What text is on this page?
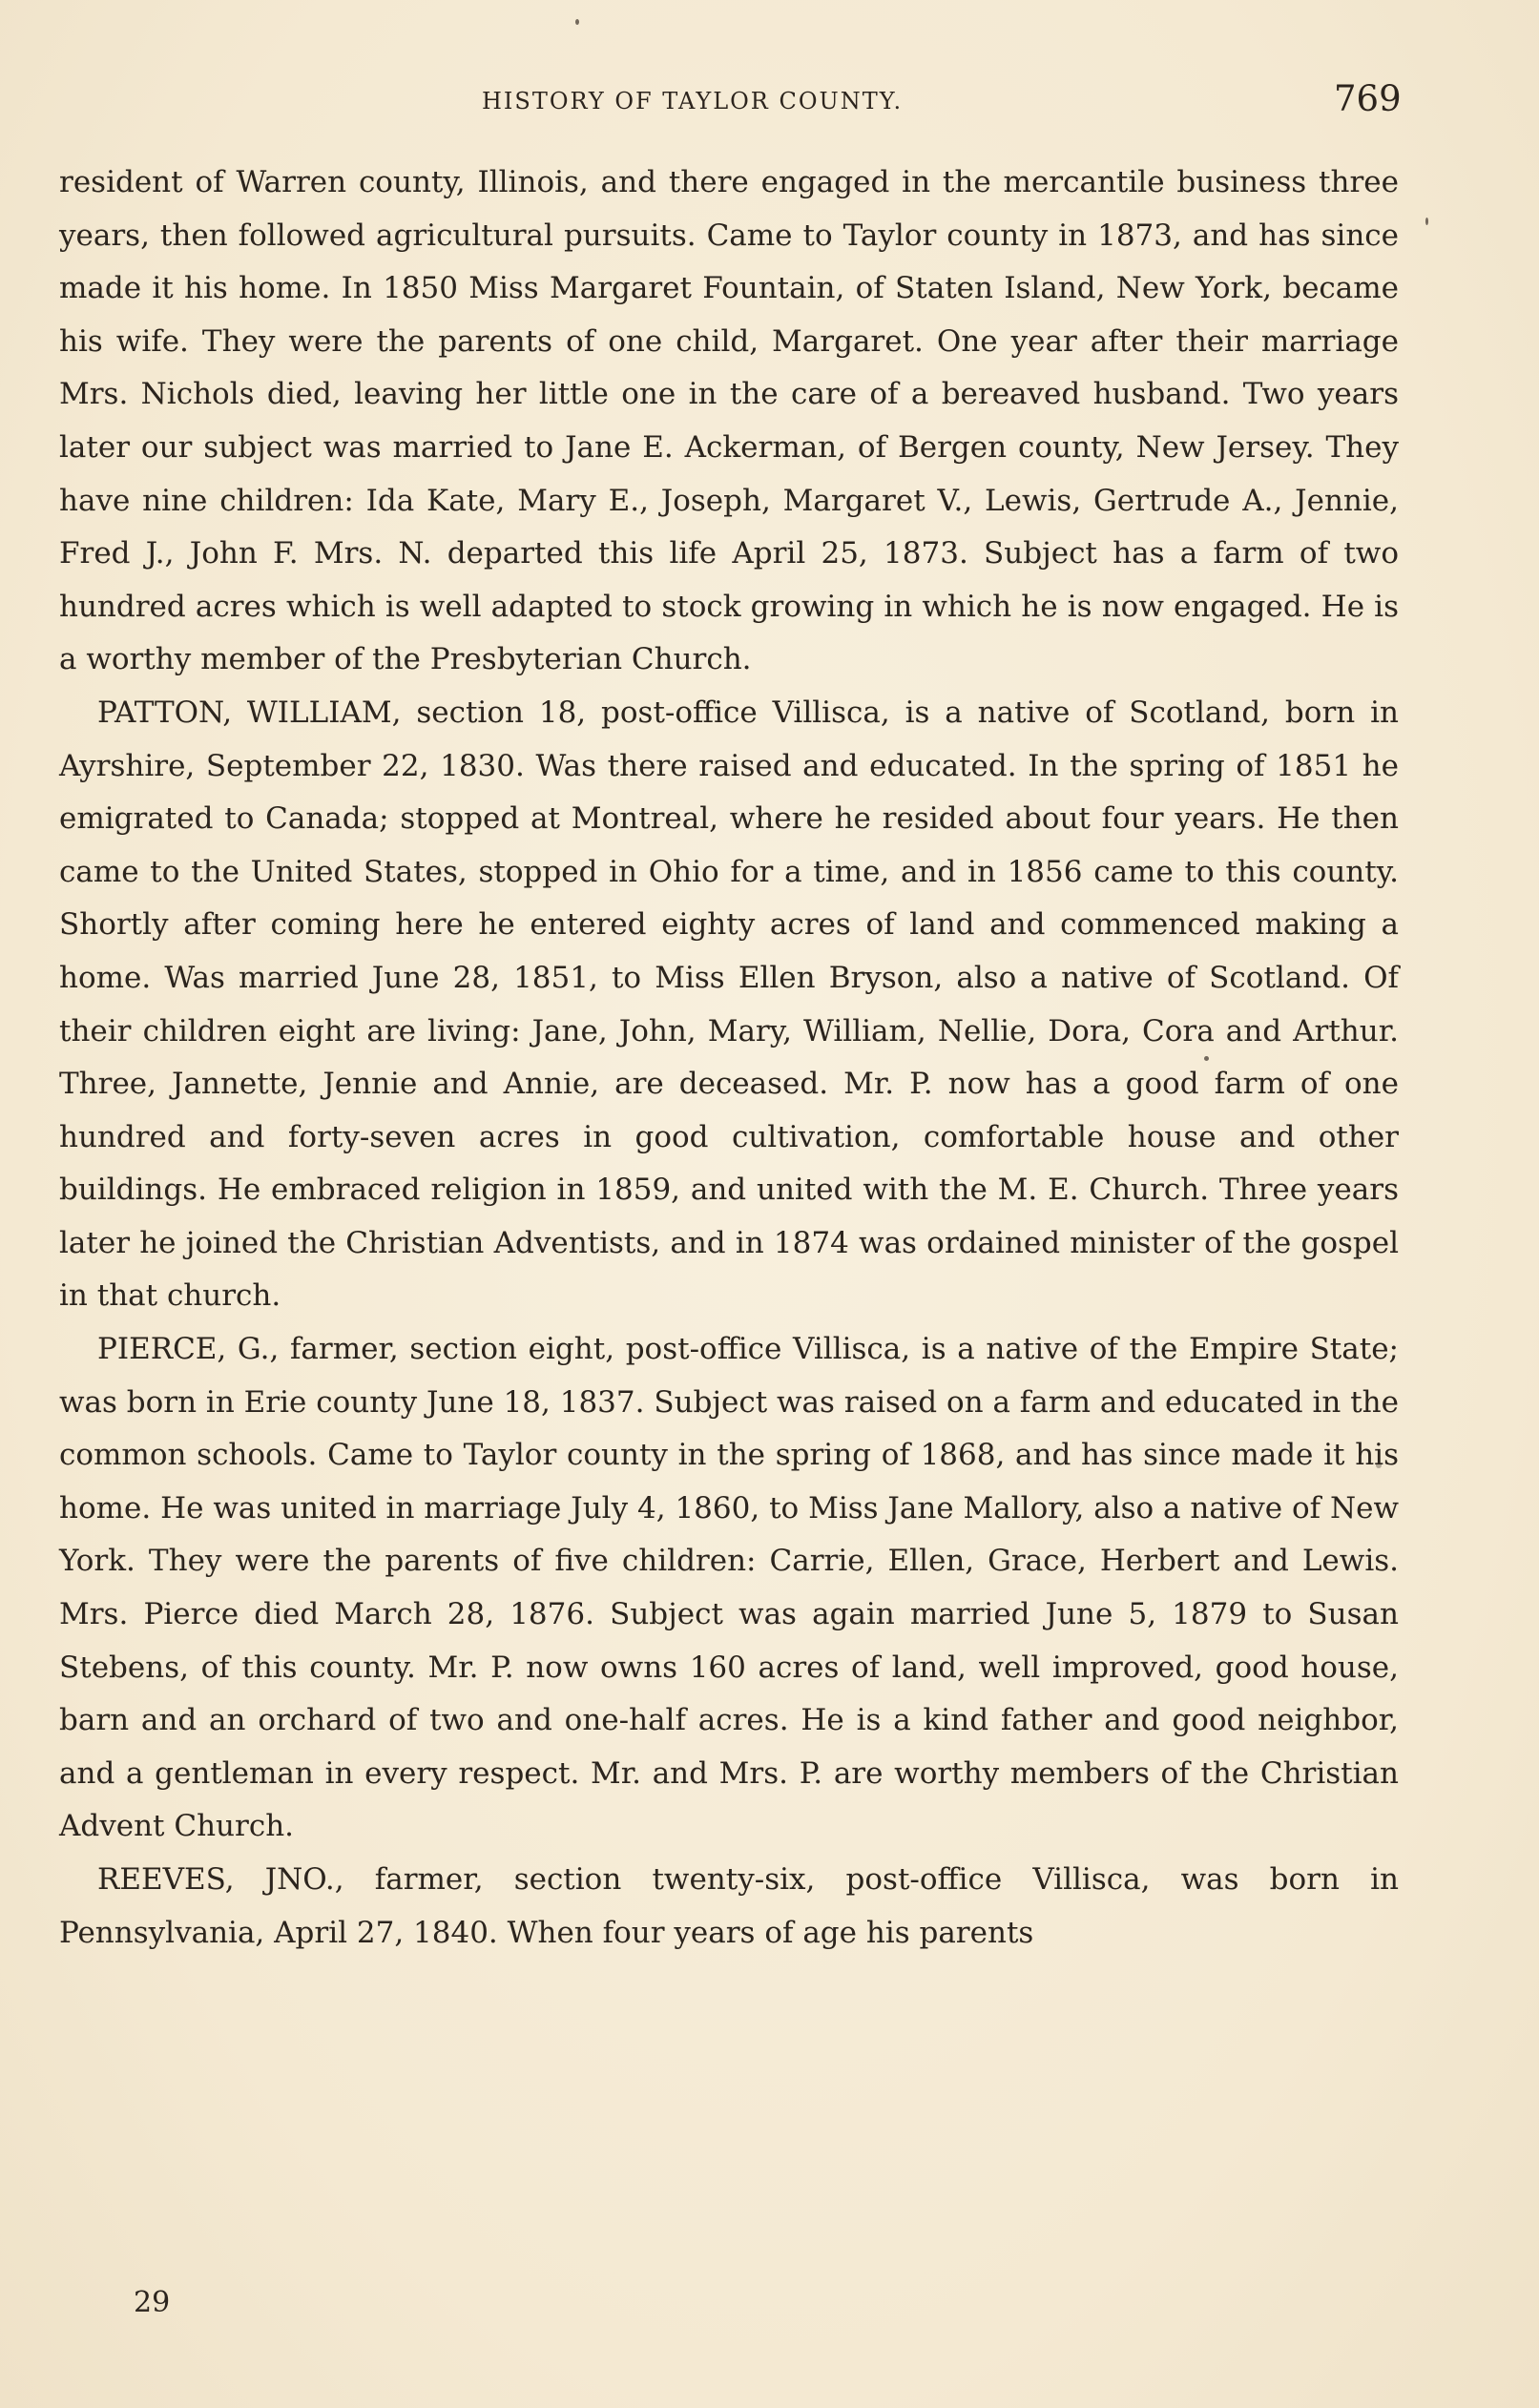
HISTORY OF TAYLOR COUNTY.	769

resident of Warren county, Illinois, and there engaged in the mercantile business three years, then followed agricultural pursuits. Came to Taylor county in 1873, and has since made it his home. In 1850 Miss Margaret Fountain, of Staten Island, New York, became his wife. They were the parents of one child, Margaret. One year after their marriage Mrs. Nichols died, leaving her little one in the care of a bereaved husband. Two years later our subject was married to Jane E. Ackerman, of Bergen county, New Jersey. They have nine children: Ida Kate, Mary E., Joseph, Margaret V., Lewis, Gertrude A., Jennie, Fred J., John F. Mrs. N. departed this life April 25, 1873. Subject has a farm of two hundred acres which is well adapted to stock growing in which he is now engaged. He is a worthy member of the Presbyterian Church.

PATTON, WILLIAM, section 18, post-office Villisca, is a native of Scotland, born in Ayrshire, September 22, 1830. Was there raised and educated. In the spring of 1851 he emigrated to Canada; stopped at Montreal, where he resided about four years. He then came to the United States, stopped in Ohio for a time, and in 1856 came to this county. Shortly after coming here he entered eighty acres of land and commenced making a home. Was married June 28, 1851, to Miss Ellen Bryson, also a native of Scotland. Of their children eight are living: Jane, John, Mary, William, Nellie, Dora, Cora and Arthur. Three, Jannette, Jennie and Annie, are deceased. Mr. P. now has a good farm of one hundred and forty-seven acres in good cultivation, comfortable house and other buildings. He embraced religion in 1859, and united with the M. E. Church. Three years later he joined the Christian Adventists, and in 1874 was ordained minister of the gospel in that church.

PIERCE, G., farmer, section eight, post-office Villisca, is a native of the Empire State; was born in Erie county June 18, 1837. Subject was raised on a farm and educated in the common schools. Came to Taylor county in the spring of 1868, and has since made it his home. He was united in marriage July 4, 1860, to Miss Jane Mallory, also a native of New York. They were the parents of five children: Carrie, Ellen, Grace, Herbert and Lewis. Mrs. Pierce died March 28, 1876. Subject was again married June 5, 1879 to Susan Stebens, of this county. Mr. P. now owns 160 acres of land, well improved, good house, barn and an orchard of two and one-half acres. He is a kind father and good neighbor, and a gentleman in every respect. Mr. and Mrs. P. are worthy members of the Christian Advent Church.

REEVES, JNO., farmer, section twenty-six, post-office Villisca, was born in Pennsylvania, April 27, 1840. When four years of age his parents

29
